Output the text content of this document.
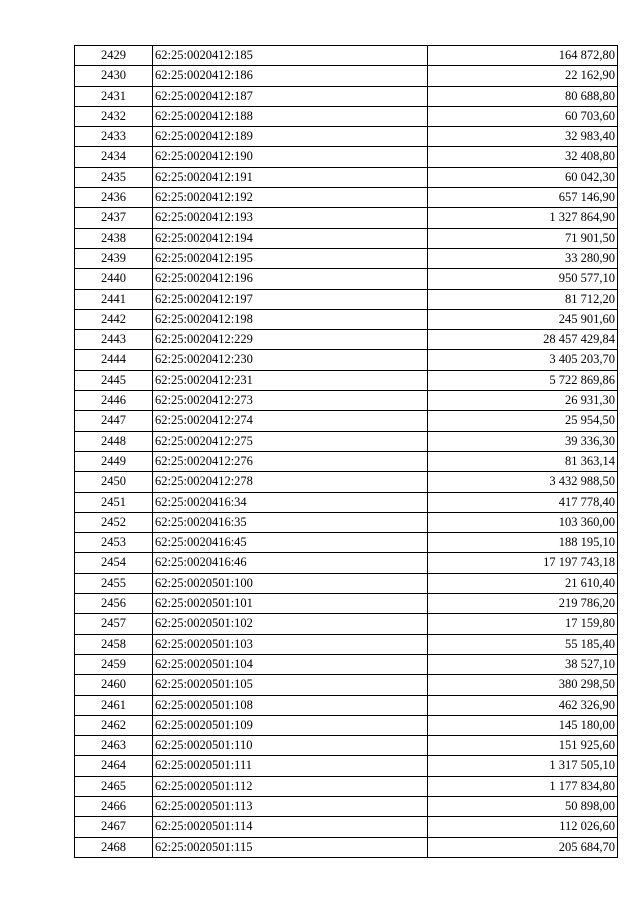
2429	62:25:0020412:185	164 872,80
2430	62:25:0020412:186	22 162,90
2431	62:25:0020412:187	80 688,80
2432	62:25:0020412:188	60 703,60
2433	62:25:0020412:189	32 983,40
2434	62:25:0020412:190	32 408,80
2435	62:25:0020412:191	60 042,30
2436	62:25:0020412:192	657 146,90
2437	62:25:0020412:193	1 327 864,90
2438	62:25:0020412:194	71 901,50
2439	62:25:0020412:195	33 280,90
2440	62:25:0020412:196	950 577,10
2441	62:25:0020412:197	81 712,20
2442	62:25:0020412:198	245 901,60
2443	62:25:0020412:229	28 457 429,84
2444	62:25:0020412:230	3 405 203,70
2445	62:25:0020412:231	5 722 869,86
2446	62:25:0020412:273	26 931,30
2447	62:25:0020412:274	25 954,50
2448	62:25:0020412:275	39 336,30
2449	62:25:0020412:276	81 363,14
2450	62:25:0020412:278	3 432 988,50
2451	62:25:0020416:34	417 778,40
2452	62:25:0020416:35	103 360,00
2453	62:25:0020416:45	188 195,10
2454	62:25:0020416:46	17 197 743,18
2455	62:25:0020501:100	21 610,40
2456	62:25:0020501:101	219 786,20
2457	62:25:0020501:102	17 159,80
2458	62:25:0020501:103	55 185,40
2459	62:25:0020501:104	38 527,10
2460	62:25:0020501:105	380 298,50
2461	62:25:0020501:108	462 326,90
2462	62:25:0020501:109	145 180,00
2463	62:25:0020501:110	151 925,60
2464	62:25:0020501:111	1 317 505,10
2465	62:25:0020501:112	1 177 834,80
2466	62:25:0020501:113	50 898,00
2467	62:25:0020501:114	112 026,60
2468	62:25:0020501:115	205 684,70
